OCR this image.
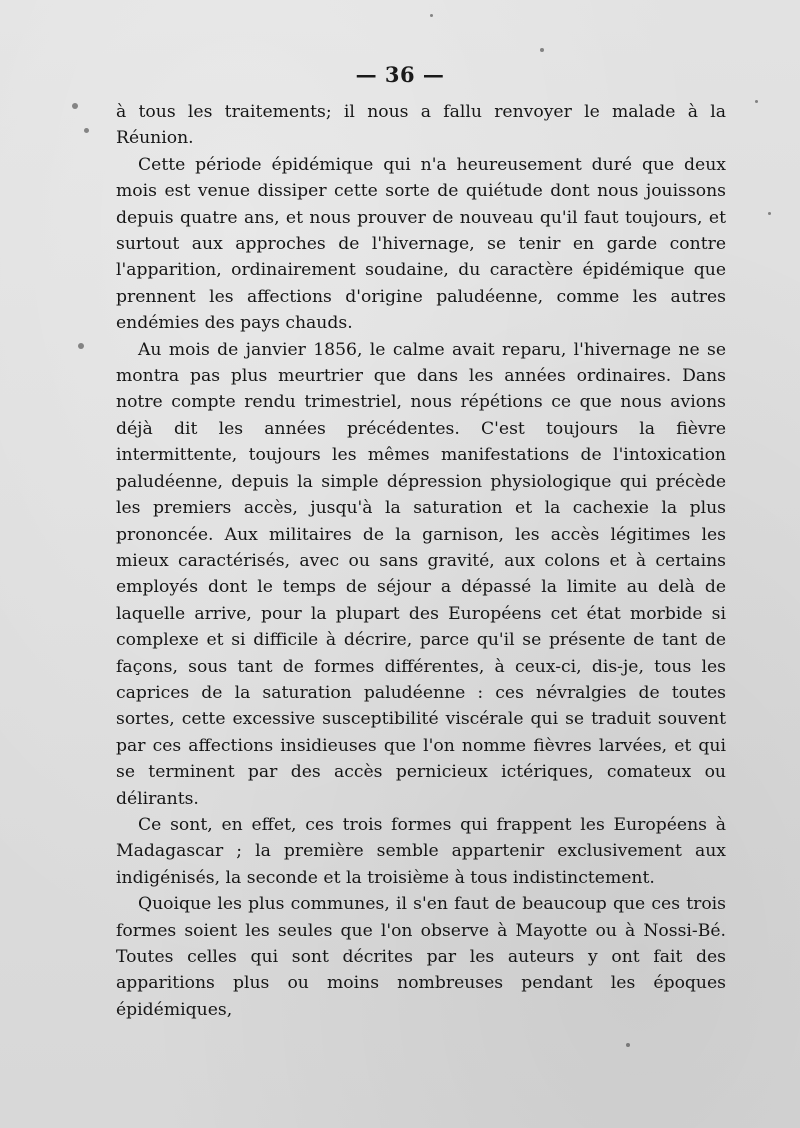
— 36 —

à tous les traitements; il nous a fallu renvoyer le malade à la Réunion.

Cette période épidémique qui n'a heureusement duré que deux mois est venue dissiper cette sorte de quiétude dont nous jouissons depuis quatre ans, et nous prouver de nouveau qu'il faut toujours, et surtout aux approches de l'hivernage, se tenir en garde contre l'apparition, ordinairement soudaine, du caractère épidémique que prennent les affections d'origine paludéenne, comme les autres endémies des pays chauds.

Au mois de janvier 1856, le calme avait reparu, l'hivernage ne se montra pas plus meurtrier que dans les années ordinaires. Dans notre compte rendu trimestriel, nous répétions ce que nous avions déjà dit les années précédentes. C'est toujours la fièvre intermittente, toujours les mêmes manifestations de l'intoxication paludéenne, depuis la simple dépression physiologique qui précède les premiers accès, jusqu'à la saturation et la cachexie la plus prononcée. Aux militaires de la garnison, les accès légitimes les mieux caractérisés, avec ou sans gravité, aux colons et à certains employés dont le temps de séjour a dépassé la limite au delà de laquelle arrive, pour la plupart des Européens cet état morbide si complexe et si difficile à décrire, parce qu'il se présente de tant de façons, sous tant de formes différentes, à ceux-ci, dis-je, tous les caprices de la saturation paludéenne : ces névralgies de toutes sortes, cette excessive susceptibilité viscérale qui se traduit souvent par ces affections insidieuses que l'on nomme fièvres larvées, et qui se terminent par des accès pernicieux ictériques, comateux ou délirants.

Ce sont, en effet, ces trois formes qui frappent les Européens à Madagascar ; la première semble appartenir exclusivement aux indigénisés, la seconde et la troisième à tous indistinctement.

Quoique les plus communes, il s'en faut de beaucoup que ces trois formes soient les seules que l'on observe à Mayotte ou à Nossi-Bé. Toutes celles qui sont décrites par les auteurs y ont fait des apparitions plus ou moins nombreuses pendant les époques épidémiques,
